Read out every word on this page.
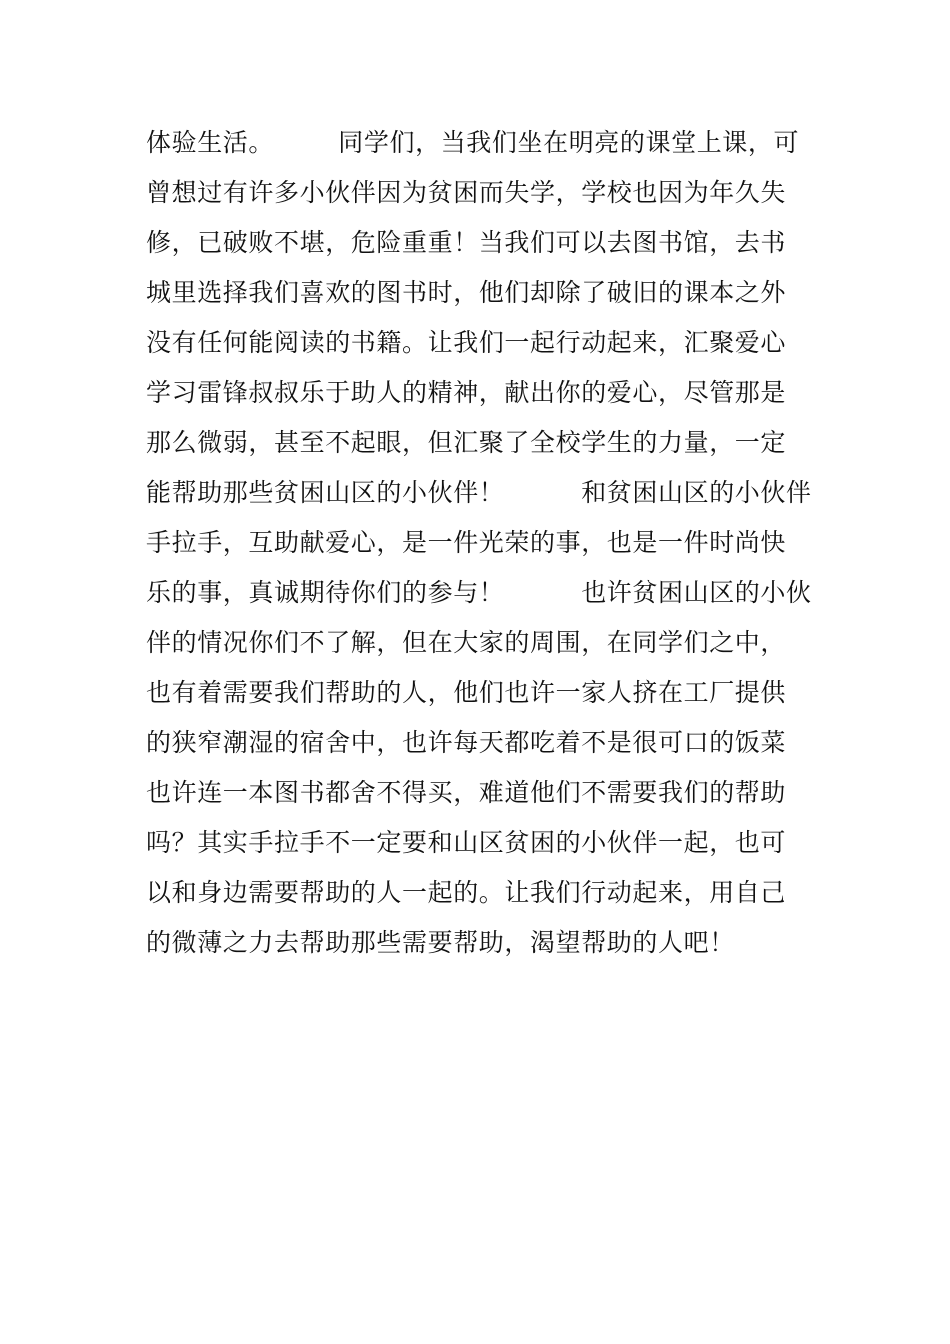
体验生活。　　　同学们，当我们坐在明亮的课堂上课，可
曾想过有许多小伙伴因为贫困而失学，学校也因为年久失
修，已破败不堪，危险重重！当我们可以去图书馆，去书
城里选择我们喜欢的图书时，他们却除了破旧的课本之外
没有任何能阅读的书籍。让我们一起行动起来，汇聚爱心
学习雷锋叔叔乐于助人的精神，献出你的爱心，尽管那是
那么微弱，甚至不起眼，但汇聚了全校学生的力量，一定
能帮助那些贫困山区的小伙伴！　　　和贫困山区的小伙伴
手拉手，互助献爱心，是一件光荣的事，也是一件时尚快
乐的事，真诚期待你们的参与！　　　也许贫困山区的小伙
伴的情况你们不了解，但在大家的周围，在同学们之中，
也有着需要我们帮助的人，他们也许一家人挤在工厂提供
的狭窄潮湿的宿舍中，也许每天都吃着不是很可口的饭菜
也许连一本图书都舍不得买，难道他们不需要我们的帮助
吗？其实手拉手不一定要和山区贫困的小伙伴一起，也可
以和身边需要帮助的人一起的。让我们行动起来，用自己
的微薄之力去帮助那些需要帮助，渴望帮助的人吧！
